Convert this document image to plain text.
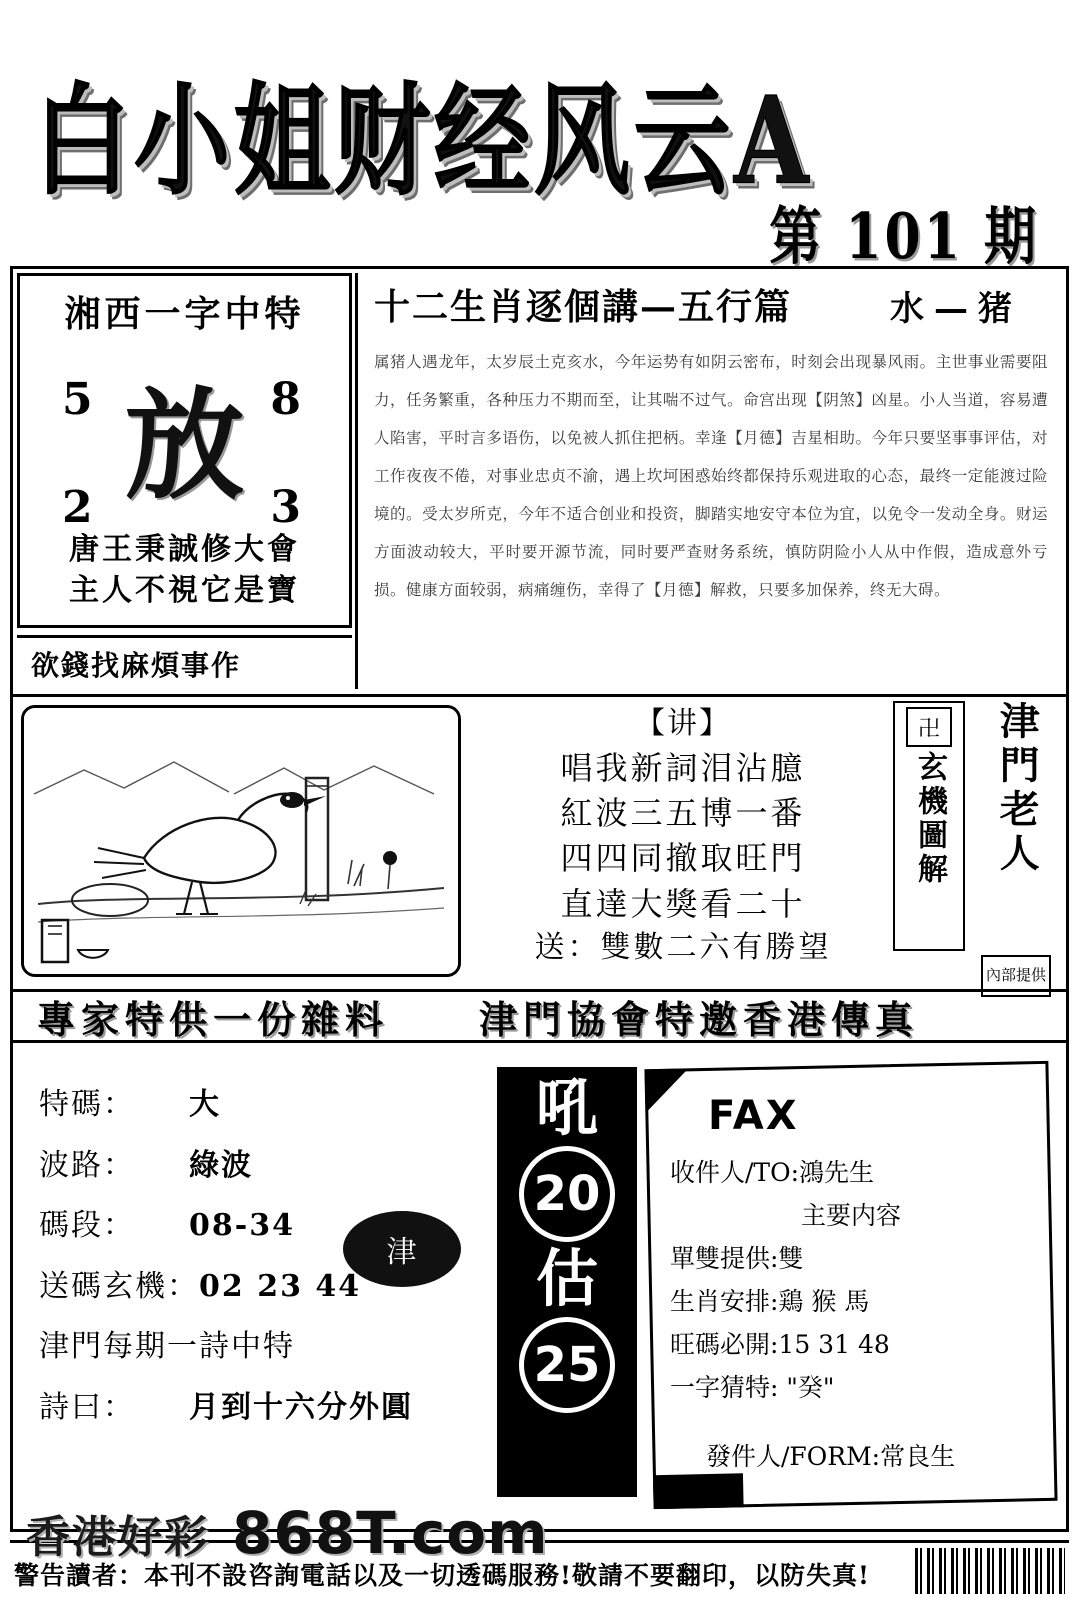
白小姐财经风云A
第 101 期
湘西一字中特
5	8
2	3
放
唐王秉誠修大會
主人不視它是寶
欲錢找麻煩事作
十二生肖逐個講—五行篇	水—猪
属猪人遇龙年，太岁辰土克亥水，今年运势有如阴云密布，时刻会出现暴风雨。主世事业需要阻力，任务繁重，各种压力不期而至，让其喘不过气。命宫出现【阴煞】凶星。小人当道，容易遭人陷害，平时言多语伤，以免被人抓住把柄。幸逢【月德】吉星相助。今年只要坚事事评估，对工作夜夜不倦，对事业忠贞不渝，遇上坎坷困惑始终都保持乐观进取的心态，最终一定能渡过险境的。受太岁所克，今年不适合创业和投资，脚踏实地安守本位为宜，以免令一发动全身。财运方面波动较大，平时要开源节流，同时要严查财务系统，慎防阴险小人从中作假，造成意外亏损。健康方面较弱，病痛缠伤，幸得了【月德】解救，只要多加保养，终无大碍。
【讲】
唱我新詞泪沾臆
紅波三五博一番
四四同撤取旺門
直達大獎看二十
送：雙數二六有勝望
卍
玄機圖解 津門老人
內部提供
專家特供一份雜料 津門協會特邀香港傳真
特碼： 大
波路： 綠波
碼段： 08-34
送碼玄機：02 23 44
津門每期一詩中特
詩曰： 月到十六分外圓
津
吼
20
估
25
FAX
收件人/TO:鴻先生
主要内容
單雙提供:雙
生肖安排:鶏 猴 馬
旺碼必開:15 31 48
一字猜特: "癸"
發件人/FORM:常良生
香港好彩 868T.com
警告讀者：本刊不設咨詢電話以及一切透碼服務!敬請不要翻印，以防失真!
